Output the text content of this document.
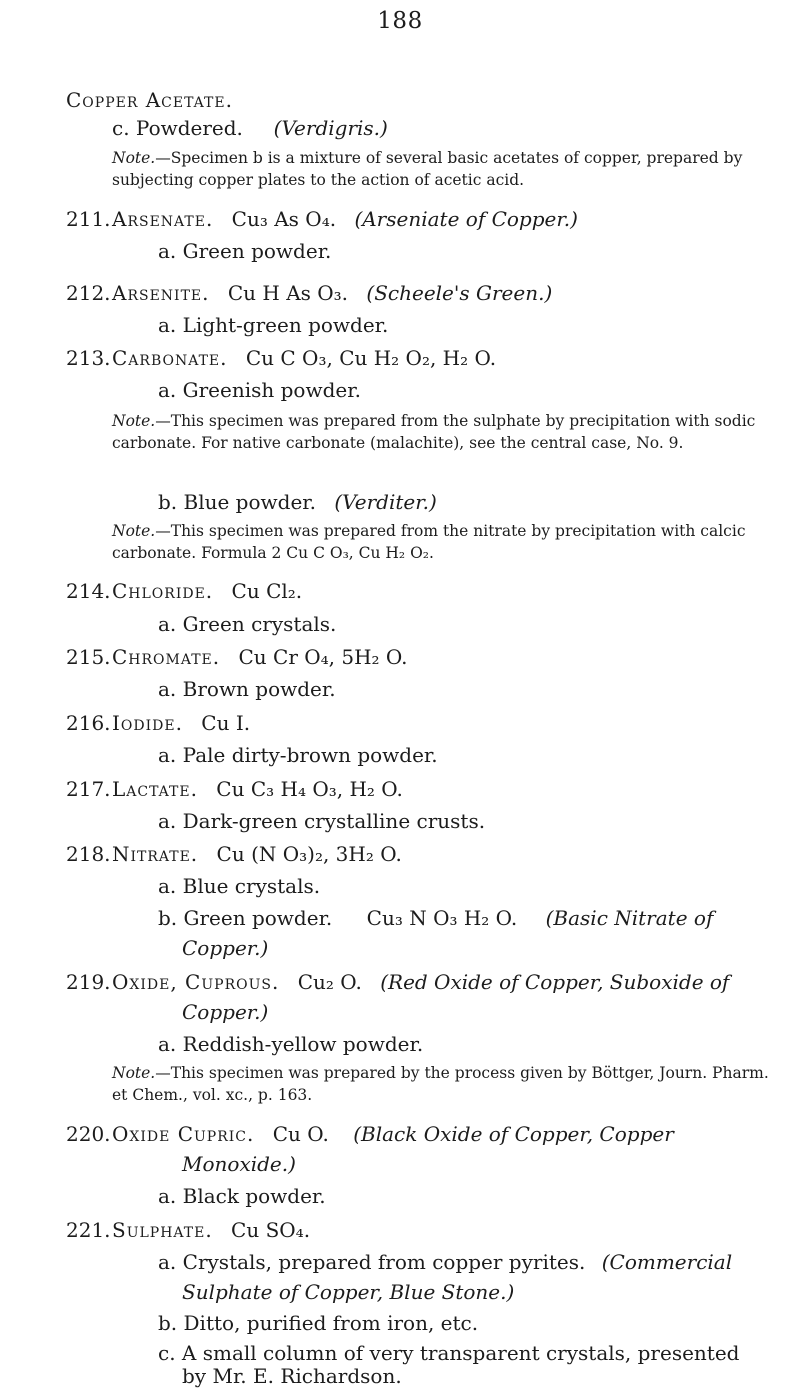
188
Copper Acetate.
c. Powdered. (Verdigris.)
Note.—Specimen b is a mixture of several basic acetates of copper, prepared by subjecting copper plates to the action of acetic acid.
211. Arsenate. Cu₃ As O₄. (Arseniate of Copper.)
a. Green powder.
212. Arsenite. Cu H As O₃. (Scheele's Green.)
a. Light-green powder.
213. Carbonate. Cu C O₃, Cu H₂ O₂, H₂ O.
a. Greenish powder.
Note.—This specimen was prepared from the sulphate by precipitation with sodic carbonate. For native carbonate (malachite), see the central case, No. 9.
b. Blue powder. (Verditer.)
Note.—This specimen was prepared from the nitrate by precipitation with calcic carbonate. Formula 2 Cu C O₃, Cu H₂ O₂.
214. Chloride. Cu Cl₂.
a. Green crystals.
215. Chromate. Cu Cr O₄, 5H₂ O.
a. Brown powder.
216. Iodide. Cu I.
a. Pale dirty-brown powder.
217. Lactate. Cu C₃ H₄ O₃, H₂ O.
a. Dark-green crystalline crusts.
218. Nitrate. Cu (N O₃)₂, 3H₂ O.
a. Blue crystals.
b. Green powder. Cu₃ N O₃ H₂ O. (Basic Nitrate of
Copper.)
219. Oxide, Cuprous. Cu₂ O. (Red Oxide of Copper, Suboxide of
Copper.)
a. Reddish-yellow powder.
Note.—This specimen was prepared by the process given by Böttger, Journ. Pharm. et Chem., vol. xc., p. 163.
220. Oxide Cupric. Cu O. (Black Oxide of Copper, Copper
Monoxide.)
a. Black powder.
221. Sulphate. Cu SO₄.
a. Crystals, prepared from copper pyrites. (Commercial
Sulphate of Copper, Blue Stone.)
b. Ditto, purified from iron, etc.
c. A small column of very transparent crystals, presented
by Mr. E. Richardson.
